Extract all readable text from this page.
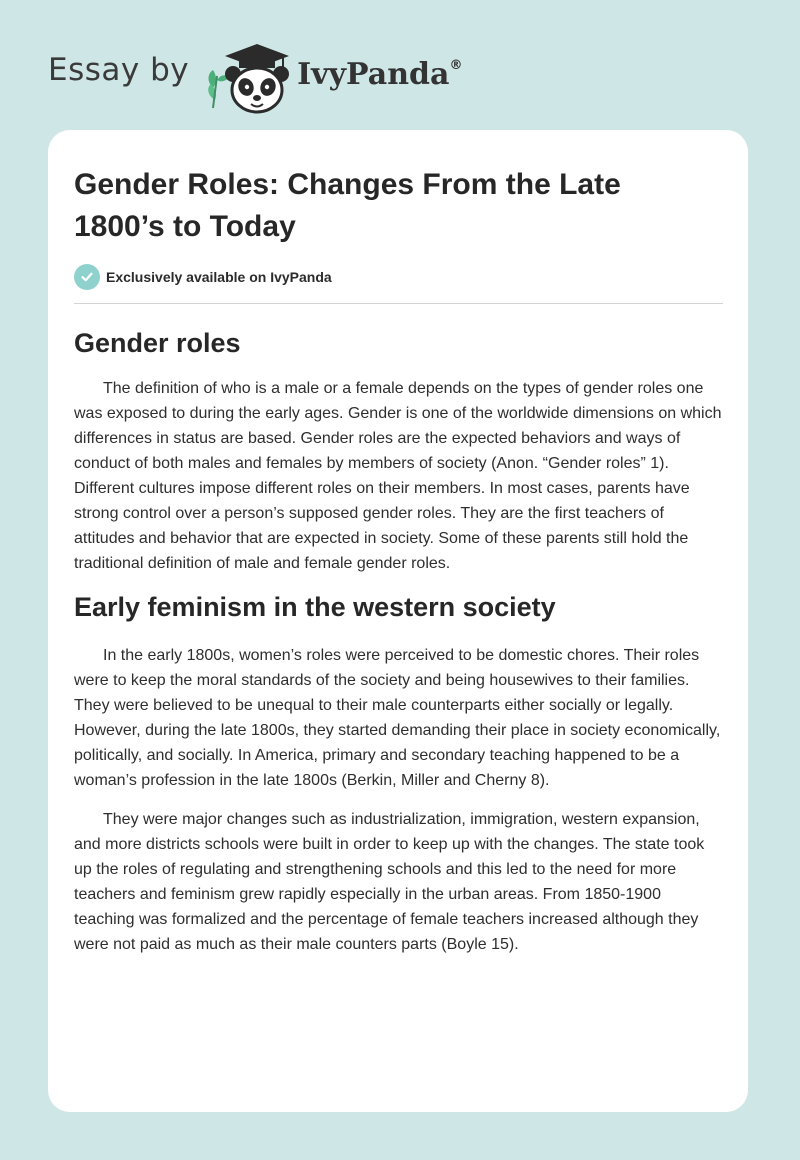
Essay by	IvyPanda®
Gender Roles: Changes From the Late 1800’s to Today
Exclusively available on IvyPanda
Gender roles

The definition of who is a male or a female depends on the types of gender roles one was exposed to during the early ages. Gender is one of the worldwide dimensions on which differences in status are based. Gender roles are the expected behaviors and ways of conduct of both males and females by members of society (Anon. “Gender roles” 1). Different cultures impose different roles on their members. In most cases, parents have strong control over a person’s supposed gender roles. They are the first teachers of attitudes and behavior that are expected in society. Some of these parents still hold the traditional definition of male and female gender roles.

Early feminism in the western society

In the early 1800s, women’s roles were perceived to be domestic chores. Their roles were to keep the moral standards of the society and being housewives to their families. They were believed to be unequal to their male counterparts either socially or legally. However, during the late 1800s, they started demanding their place in society economically, politically, and socially. In America, primary and secondary teaching happened to be a woman’s profession in the late 1800s (Berkin, Miller and Cherny 8).

They were major changes such as industrialization, immigration, western expansion, and more districts schools were built in order to keep up with the changes. The state took up the roles of regulating and strengthening schools and this led to the need for more teachers and feminism grew rapidly especially in the urban areas. From 1850-1900 teaching was formalized and the percentage of female teachers increased although they were not paid as much as their male counters parts (Boyle 15).
